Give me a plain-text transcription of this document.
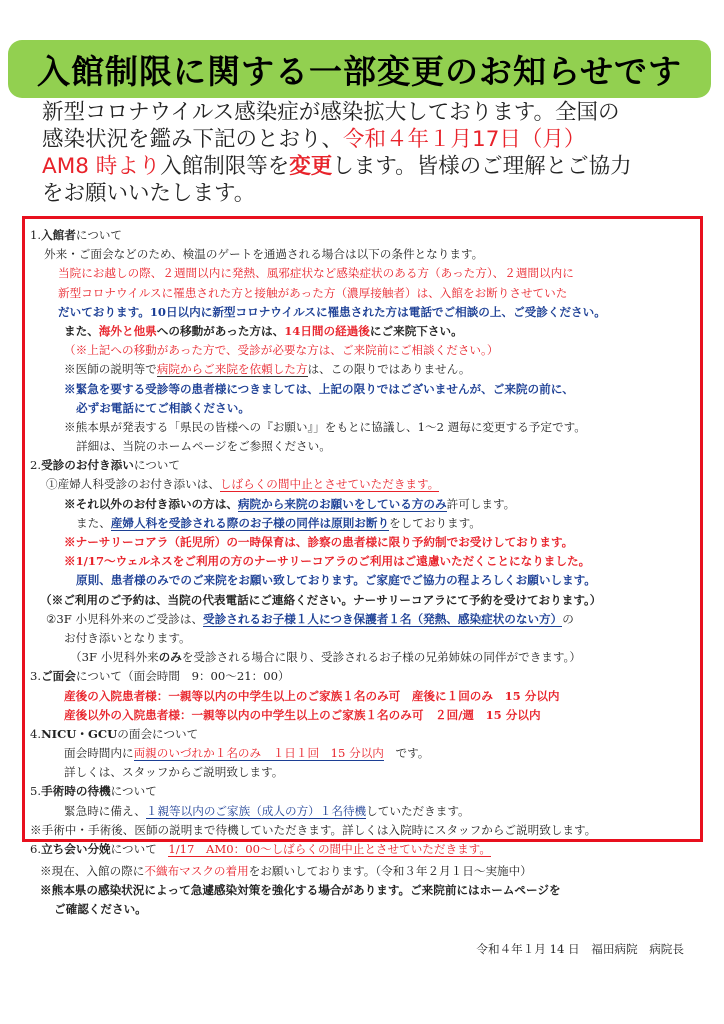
入館制限に関する一部変更のお知らせです
新型コロナウイルス感染症が感染拡大しております。全国の
感染状況を鑑み下記のとおり、令和４年１月17日（月）
AM8 時より入館制限等を変更します。皆様のご理解とご協力
をお願いいたします。
1.入館者について
外来・ご面会などのため、検温のゲートを通過される場合は以下の条件となります。
当院にお越しの際、２週間以内に発熱、風邪症状など感染症状のある方（あった方）、２週間以内に
新型コロナウイルスに罹患された方と接触があった方（濃厚接触者）は、入館をお断りさせていた
だいております。10日以内に新型コロナウイルスに罹患された方は電話でご相談の上、ご受診ください。
また、海外と他県への移動があった方は、14日間の経過後にご来院下さい。
（※上記への移動があった方で、受診が必要な方は、ご来院前にご相談ください。）
※医師の説明等で病院からご来院を依頼した方は、この限りではありません。
※緊急を要する受診等の患者様につきましては、上記の限りではございませんが、ご来院の前に、
必ずお電話にてご相談ください。
※熊本県が発表する「県民の皆様への『お願い』」をもとに協議し、1～2 週毎に変更する予定です。
詳細は、当院のホームページをご参照ください。
2.受診のお付き添いについて
①産婦人科受診のお付き添いは、しばらくの間中止とさせていただきます。
※それ以外のお付き添いの方は、病院から来院のお願いをしている方のみ許可します。
また、産婦人科を受診される際のお子様の同伴は原則お断りをしております。
※ナーサリーコアラ（託児所）の一時保育は、診察の患者様に限り予約制でお受けしております。
※1/17～ウェルネスをご利用の方のナーサリーコアラのご利用はご遠慮いただくことになりました。
原則、患者様のみでのご来院をお願い致しております。ご家庭でご協力の程よろしくお願いします。
（※ご利用のご予約は、当院の代表電話にご連絡ください。ナーサリーコアラにて予約を受けております。）
②3F 小児科外来のご受診は、受診されるお子様１人につき保護者１名（発熱、感染症状のない方）の
お付き添いとなります。
（3F 小児科外来のみを受診される場合に限り、受診されるお子様の兄弟姉妹の同伴ができます。）
3.ご面会について（面会時間　9：00～21：00）
産後の入院患者様：一親等以内の中学生以上のご家族１名のみ可　産後に１回のみ　15 分以内
産後以外の入院患者様：一親等以内の中学生以上のご家族１名のみ可　２回/週　15 分以内
4.NICU・GCUの面会について
面会時間内に両親のいづれか１名のみ　１日１回　15 分以内　です。
詳しくは、スタッフからご説明致します。
5.手術時の待機について
緊急時に備え、１親等以内のご家族（成人の方）１名待機していただきます。
※手術中・手術後、医師の説明まで待機していただきます。詳しくは入院時にスタッフからご説明致します。
6.立ち会い分娩について　1/17　AM0：00～しばらくの間中止とさせていただきます。
※現在、入館の際に不織布マスクの着用をお願いしております。（令和３年２月１日～実施中）
※熊本県の感染状況によって急遽感染対策を強化する場合があります。ご来院前にはホームページを
ご確認ください。
令和４年１月 14 日　福田病院　病院長
